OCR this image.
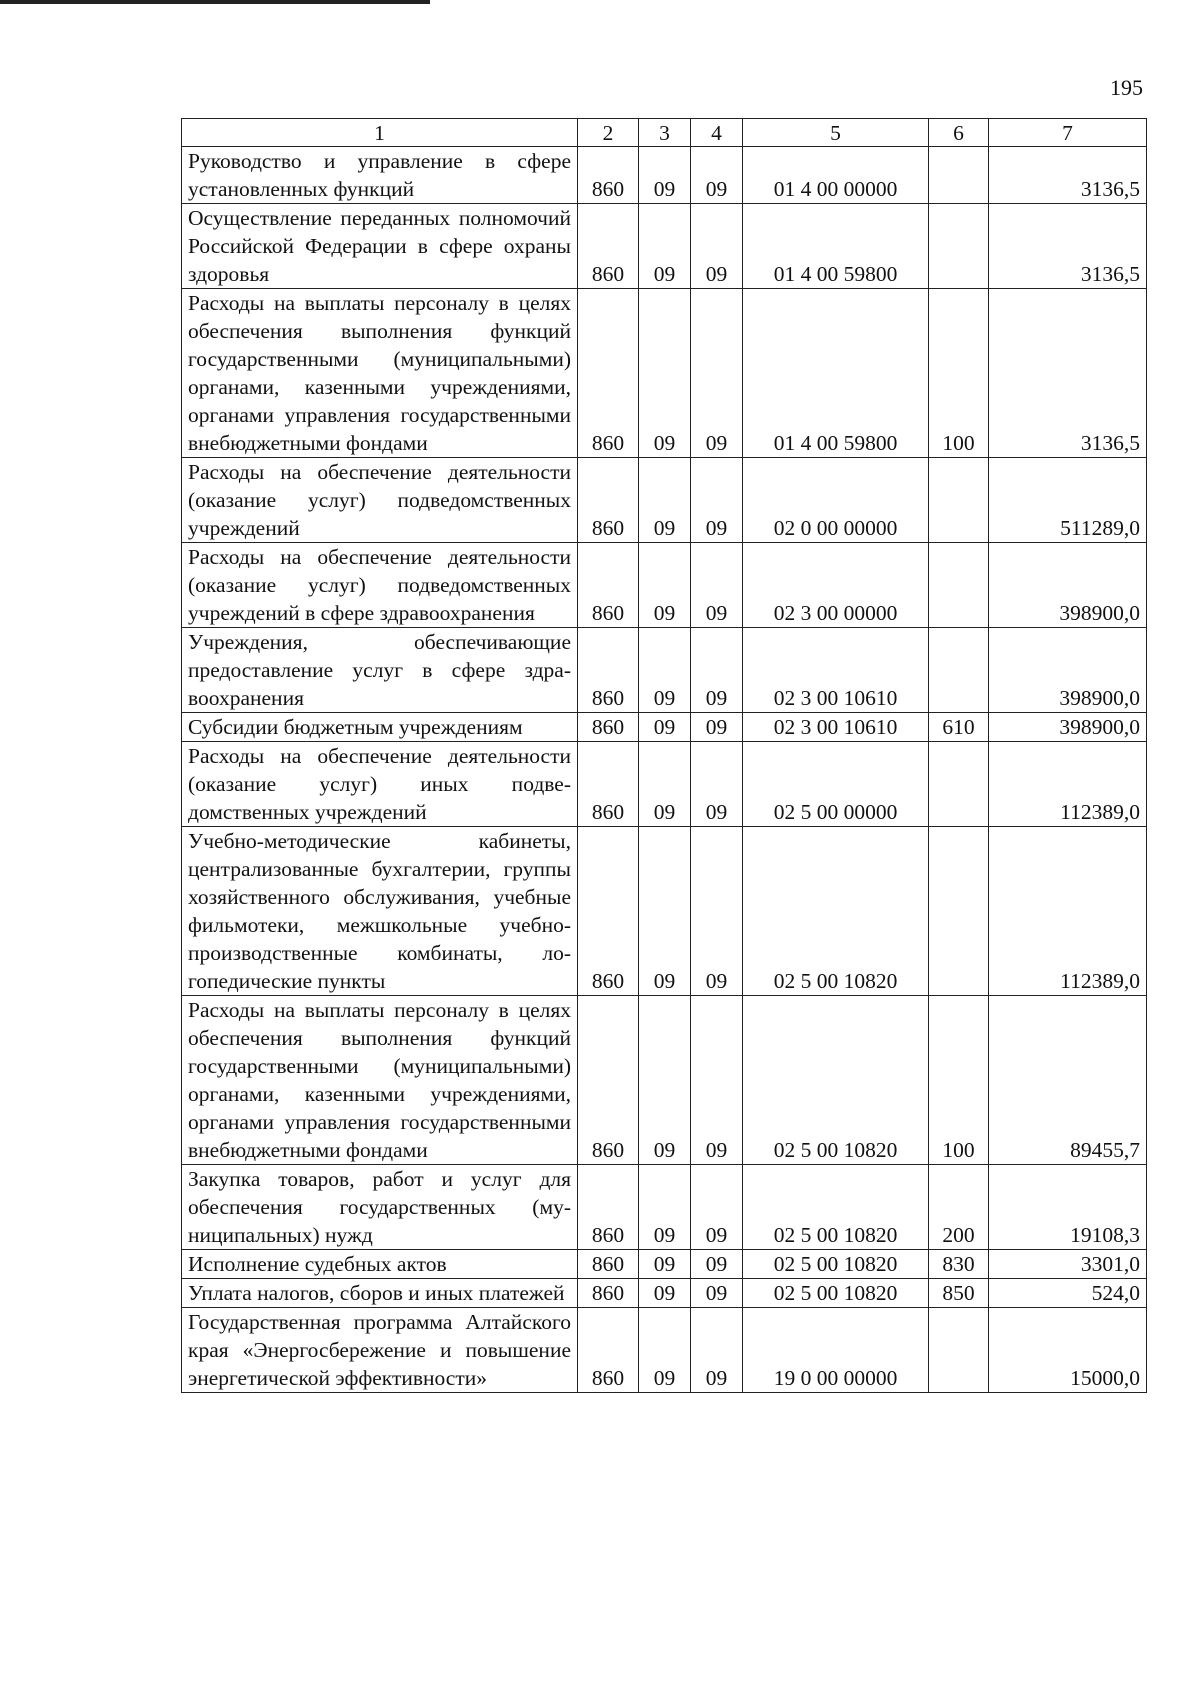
195
1	2	3	4	5	6	7
Руководство и управление в сфере установленных функций	860	09	09	01 4 00 00000		3136,5
Осуществление переданных полномочий Российской Федерации в сфере охраны здоровья	860	09	09	01 4 00 59800		3136,5
Расходы на выплаты персоналу в целях обеспечения выполнения функций государственными (муниципальными) органами, казенными учреждениями, органами управления государственными внебюджетными фондами	860	09	09	01 4 00 59800	100	3136,5
Расходы на обеспечение деятельности (оказание услуг) подведомственных учреждений	860	09	09	02 0 00 00000		511289,0
Расходы на обеспечение деятельности (оказание услуг) подведомственных учреждений в сфере здравоохранения	860	09	09	02 3 00 00000		398900,0
Учреждения, обеспечивающие предоставление услуг в сфере здравоохранения	860	09	09	02 3 00 10610		398900,0
Субсидии бюджетным учреждениям	860	09	09	02 3 00 10610	610	398900,0
Расходы на обеспечение деятельности (оказание услуг) иных подведомственных учреждений	860	09	09	02 5 00 00000		112389,0
Учебно-методические кабинеты, централизованные бухгалтерии, группы хозяйственного обслуживания, учебные фильмотеки, межшкольные учебно-производственные комбинаты, логопедические пункты	860	09	09	02 5 00 10820		112389,0
Расходы на выплаты персоналу в целях обеспечения выполнения функций государственными (муниципальными) органами, казенными учреждениями, органами управления государственными внебюджетными фондами	860	09	09	02 5 00 10820	100	89455,7
Закупка товаров, работ и услуг для обеспечения государственных (муниципальных) нужд	860	09	09	02 5 00 10820	200	19108,3
Исполнение судебных актов	860	09	09	02 5 00 10820	830	3301,0
Уплата налогов, сборов и иных платежей	860	09	09	02 5 00 10820	850	524,0
Государственная программа Алтайского края «Энергосбережение и повышение энергетической эффективности»	860	09	09	19 0 00 00000		15000,0
